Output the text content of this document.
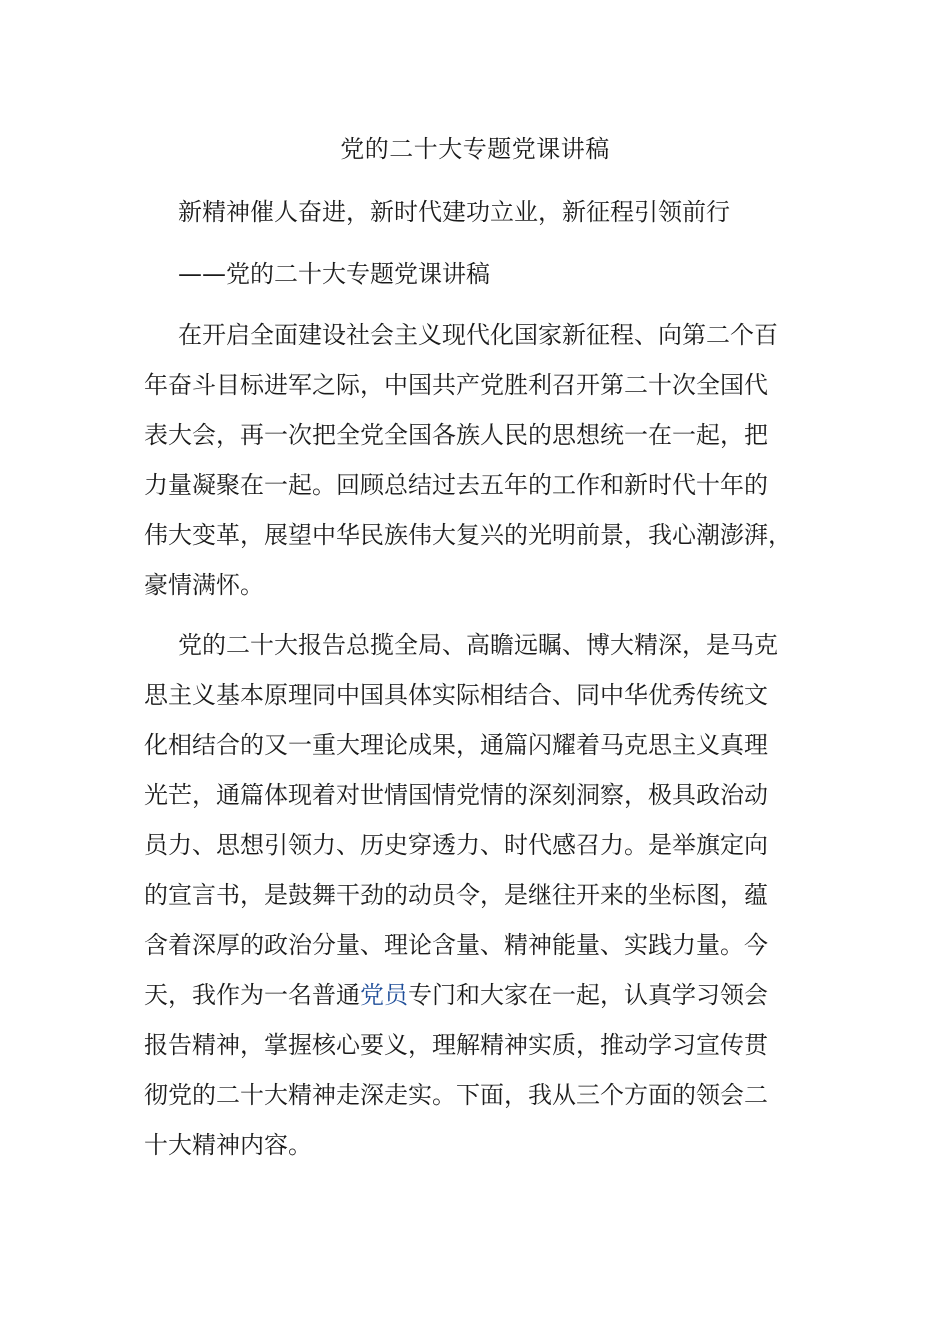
党的二十大专题党课讲稿

新精神催人奋进，新时代建功立业，新征程引领前行

——党的二十大专题党课讲稿

在开启全面建设社会主义现代化国家新征程、向第二个百
年奋斗目标进军之际，中国共产党胜利召开第二十次全国代
表大会，再一次把全党全国各族人民的思想统一在一起，把
力量凝聚在一起。回顾总结过去五年的工作和新时代十年的
伟大变革，展望中华民族伟大复兴的光明前景，我心潮澎湃，
豪情满怀。
党的二十大报告总揽全局、高瞻远瞩、博大精深，是马克
思主义基本原理同中国具体实际相结合、同中华优秀传统文
化相结合的又一重大理论成果，通篇闪耀着马克思主义真理
光芒，通篇体现着对世情国情党情的深刻洞察，极具政治动
员力、思想引领力、历史穿透力、时代感召力。是举旗定向
的宣言书，是鼓舞干劲的动员令，是继往开来的坐标图，蕴
含着深厚的政治分量、理论含量、精神能量、实践力量。今
天，我作为一名普通党员专门和大家在一起，认真学习领会
报告精神，掌握核心要义，理解精神实质，推动学习宣传贯
彻党的二十大精神走深走实。下面，我从三个方面的领会二
十大精神内容。
